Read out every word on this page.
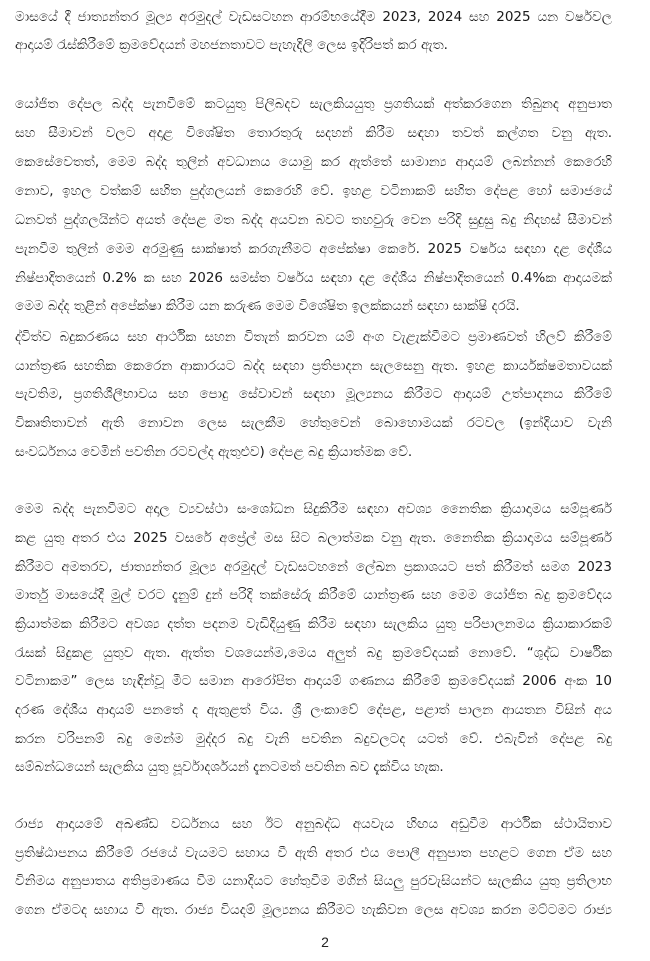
මාසයේ දී ජාත්‍යන්තර මූල්‍ය අරමුදල් වැඩසටහන ආරම්භයේදීම 2023, 2024 සහ 2025 යන වර්ෂවල
ආදායම් රැස්කිරීමේ ක්‍රමවේදයන් මහජනතාවට පැහැදිලි ලෙස ඉදිරිපත් කර ඇත.
යෝජිත දේපල බද්ද පැනවීමේ කටයුතු පිලිබදව සැලකියයුතු ප්‍රගතියක් අත්කරගෙන තිබුනද අනුපාත
සහ සීමාවන් වලට අදාළ විශේෂිත තොරතුරු සදහන් කිරීම සඳහා තවත් කල්ගත වනු ඇත.
කෙසේවෙතත්, මෙම බද්ද තුලින් අවධානය යොමු කර ඇත්තේ සාමාන්‍ය ආදායම් ලබන්නන් කෙරෙහි
නොව, ඉහල වත්කම් සහිත පුද්ගලයන් කෙරෙහි වේ. ඉහළ වටිනාකම් සහිත දේපළ හෝ සමාජයේ
ධනවත් පුද්ගලයින්ට අයත් දේපළ මත බද්ද අයවන බවට තහවුරු වෙන පරිදි සුදුසු බදු නිදහස් සීමාවන්
පැනවීම තුලින් මෙම අරමුණු සාක්ෂාත් කරගැනීමට අපේක්ෂා කෙරේ. 2025 වර්ෂය සඳහා දළ දේශීය
නිෂ්පාදිතයෙන් 0.2% ක සහ 2026 සමස්ත වර්ෂය සඳහා දළ දේශීය නිෂ්පාදිතයෙන් 0.4%ක ආදායමක්
මෙම බද්ද තුළින් අපේක්ෂා කිරීම යන කරුණ මෙම විශේෂිත ඉලක්කයන් සඳහා සාක්ෂි දරයි.
ද්විත්ව බදුකරණය සහ ආර්ථික සහන විතැන් කරවන යම් අංග වැළැක්වීමට ප්‍රමාණවත් හිලව් කිරීමේ
යාන්ත්‍රණ සහතික කෙරෙන ආකාරයට බද්ද සඳහා ප්‍රතිපාදන සැලසෙනු ඇත. ඉහළ කාර්යක්ෂමතාවයක්
පැවතිම, ප්‍රගතිශීලීභාවය සහ පොදු සේවාවන් සඳහා මූල්‍යනය කිරීමට ආදායම් උත්පාදනය කිරීමේ
විකෘතිතාවන් ඇති නොවන ලෙස සැලකීම හේතුවෙන් බොහොමයක් රටවල (ඉන්දියාව වැනි
සංවර්ධනය වෙමින් පවතින රටවල්ද ඇතුළුව) දේපළ බදු ක්‍රියාත්මක වේ.
මෙම බද්ද පැනවීමට අදාල ව්‍යවස්ථා සංශෝධන සිදුකිරීම සඳහා අවශ්‍ය නෛතික ක්‍රියාදාමය සම්පූර්ණ
කළ යුතු අතර එය 2025 වසරේ අප්‍රේල් මස සිට බලාත්මක වනු ඇත. නෛතික ක්‍රියාදාමය සම්පූර්ණ
කිරීමට අමතරව, ජාත්‍යන්තර මූල්‍ය අරමුදල් වැඩසටහනේ ලේඛන ප්‍රකාශයට පත් කිරීමත් සමග 2023
මාර්තු මාසයේදී මුල් වරට දැනුම් දුන් පරිදි තක්සේරු කිරීමේ යාන්ත්‍රණ සහ මෙම යෝජිත බදු ක්‍රමවේදය
ක්‍රියාත්මක කිරීමට අවශ්‍ය දත්ත පදනම වැඩිදියුණු කිරීම සඳහා සැලකිය යුතු පරිපාලනමය ක්‍රියාකාරකම්
රැසක් සිදුකළ යුතුව ඇත. ඇත්ත වශයෙන්ම,මෙය අලුත් බදු ක්‍රමවේදයක් නොවේ. “ශුද්ධ වාර්ෂික
වටිනාකම” ලෙස හැඳින්වූ මීට සමාන ආරෝපිත ආදායම් ගණනය කිරීමේ ක්‍රමවේදයක් 2006 අංක 10
දරණ දේශීය ආදායම් පනතේ ද ඇතුළත් විය. ශ්‍රී ලංකාවේ දේපළ, පළාත් පාලන ආයතන විසින් අය
කරන වරිපනම් බදු මෙන්ම මුද්දර බදු වැනි පවතින බදුවලටද යටත් වේ. එබැවින් දේපළ බදු
සම්බන්ධයෙන් සැලකිය යුතු පූර්වාදර්ශයන් දැනටමත් පවතින බව දැක්විය හැක.
රාජ්‍ය ආදායමේ අඛණ්ඩ වර්ධනය සහ ඊට අනුබද්ධ අයවැය හිඟය අඩුවීම ආර්ථික ස්ථායිතාව
ප්‍රතිෂ්ඨාපනය කිරීමේ රජයේ වැයමට සහාය වී ඇති අතර එය පොලී අනුපාත පහළට ගෙන ඒම සහ
විනිමය අනුපාතය අතිප්‍රමාණය වීම යනාදියට හේතුවීම මගින් සියලු පුරවැසියන්ට සැලකිය යුතු ප්‍රතිලාභ
ගෙන ඒමටද සහාය වී ඇත. රාජ්‍ය වියදම් මූල්‍යනය කිරීමට හැකිවන ලෙස අවශ්‍ය කරන මට්ටමට රාජ්‍ය
2
